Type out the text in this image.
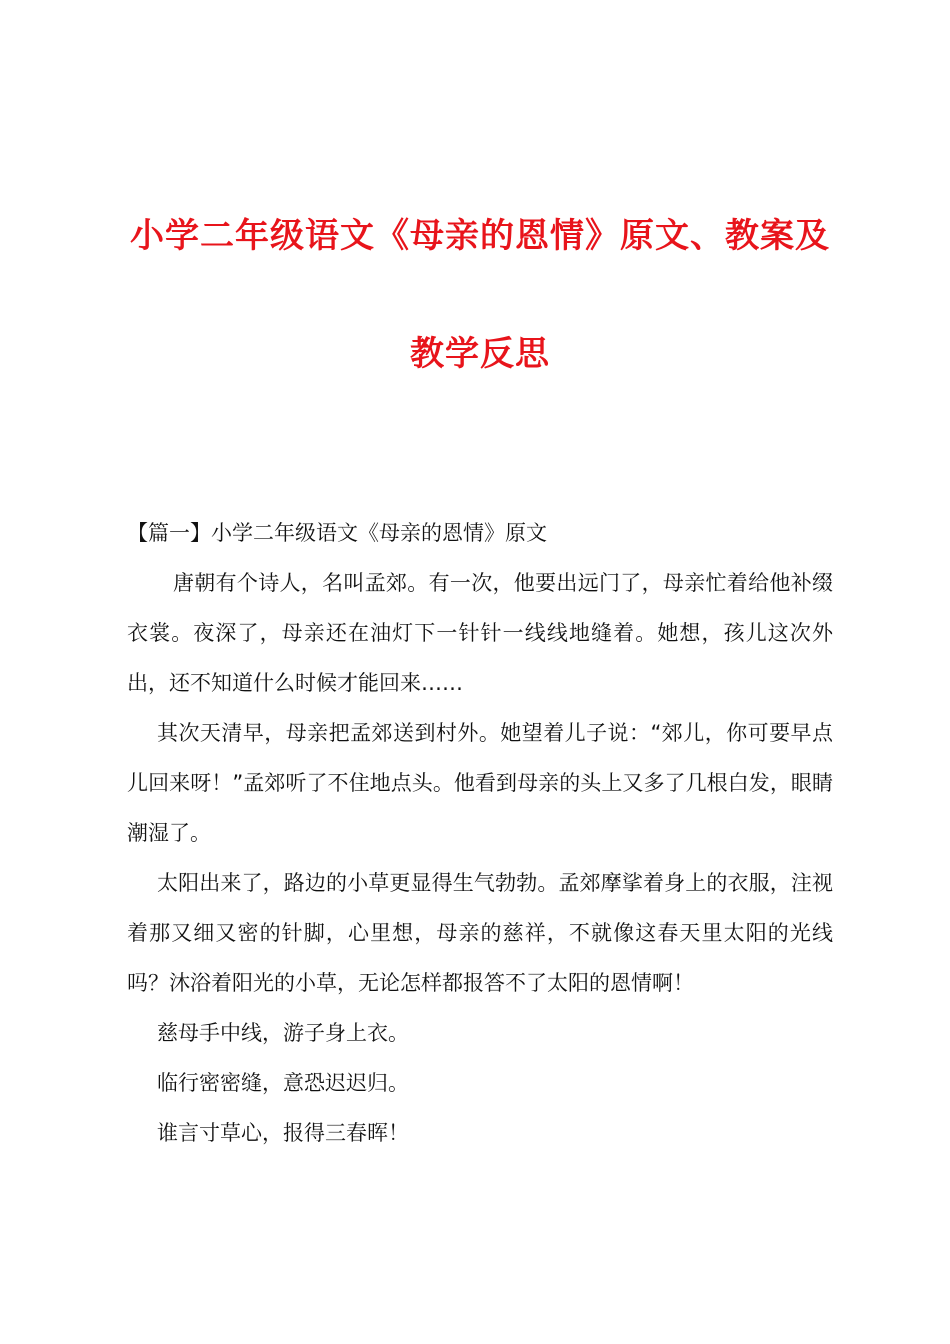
小学二年级语文《母亲的恩情》原文、教案及
教学反思
【篇一】小学二年级语文《母亲的恩情》原文

唐朝有个诗人，名叫孟郊。有一次，他要出远门了，母亲忙着给他补缀衣裳。夜深了，母亲还在油灯下一针针一线线地缝着。她想，孩儿这次外出，还不知道什么时候才能回来……

其次天清早，母亲把孟郊送到村外。她望着儿子说：“郊儿，你可要早点儿回来呀！”孟郊听了不住地点头。他看到母亲的头上又多了几根白发，眼睛潮湿了。

太阳出来了，路边的小草更显得生气勃勃。孟郊摩挲着身上的衣服，注视着那又细又密的针脚，心里想，母亲的慈祥，不就像这春天里太阳的光线吗？沐浴着阳光的小草，无论怎样都报答不了太阳的恩情啊！

慈母手中线，游子身上衣。
临行密密缝，意恐迟迟归。
谁言寸草心，报得三春晖！
